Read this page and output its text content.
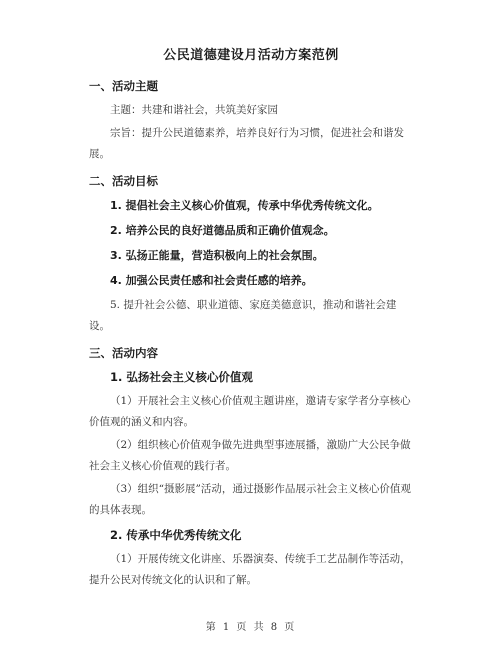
公民道德建设月活动方案范例
一、活动主题
主题：共建和谐社会，共筑美好家园
宗旨：提升公民道德素养，培养良好行为习惯，促进社会和谐发展。
二、活动目标
1. 提倡社会主义核心价值观，传承中华优秀传统文化。
2. 培养公民的良好道德品质和正确价值观念。
3. 弘扬正能量，营造积极向上的社会氛围。
4. 加强公民责任感和社会责任感的培养。
5. 提升社会公德、职业道德、家庭美德意识，推动和谐社会建设。
三、活动内容
1. 弘扬社会主义核心价值观
（1）开展社会主义核心价值观主题讲座，邀请专家学者分享核心价值观的涵义和内容。
（2）组织核心价值观争做先进典型事迹展播，激励广大公民争做社会主义核心价值观的践行者。
（3）组织“摄影展”活动，通过摄影作品展示社会主义核心价值观的具体表现。
2. 传承中华优秀传统文化
（1）开展传统文化讲座、乐器演奏、传统手工艺品制作等活动，提升公民对传统文化的认识和了解。
第 1 页 共 8 页
